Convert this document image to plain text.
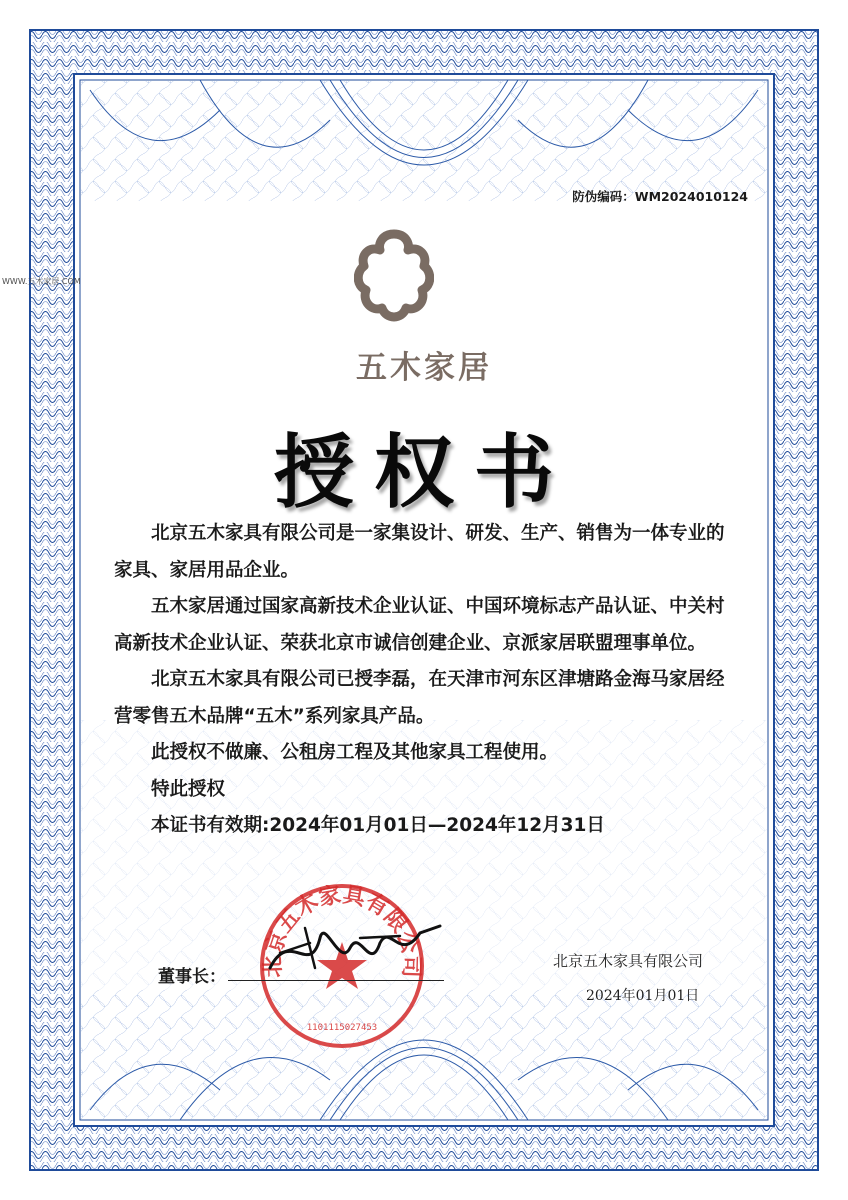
WWW.五木家居.COM
防伪编码：WM2024010124
五木家居
授权书

北京五木家具有限公司是一家集设计、研发、生产、销售为一体专业的家具、家居用品企业。

五木家居通过国家高新技术企业认证、中国环境标志产品认证、中关村高新技术企业认证、荣获北京市诚信创建企业、京派家居联盟理事单位。

北京五木家具有限公司已授李磊，在天津市河东区津塘路金海马家居经营零售五木品牌“五木”系列家具产品。

此授权不做廉、公租房工程及其他家具工程使用。

特此授权

本证书有效期:2024年01月01日—2024年12月31日

北京五木家具有限公司
1101115027453
董事长：
北京五木家具有限公司
2024年01月01日
